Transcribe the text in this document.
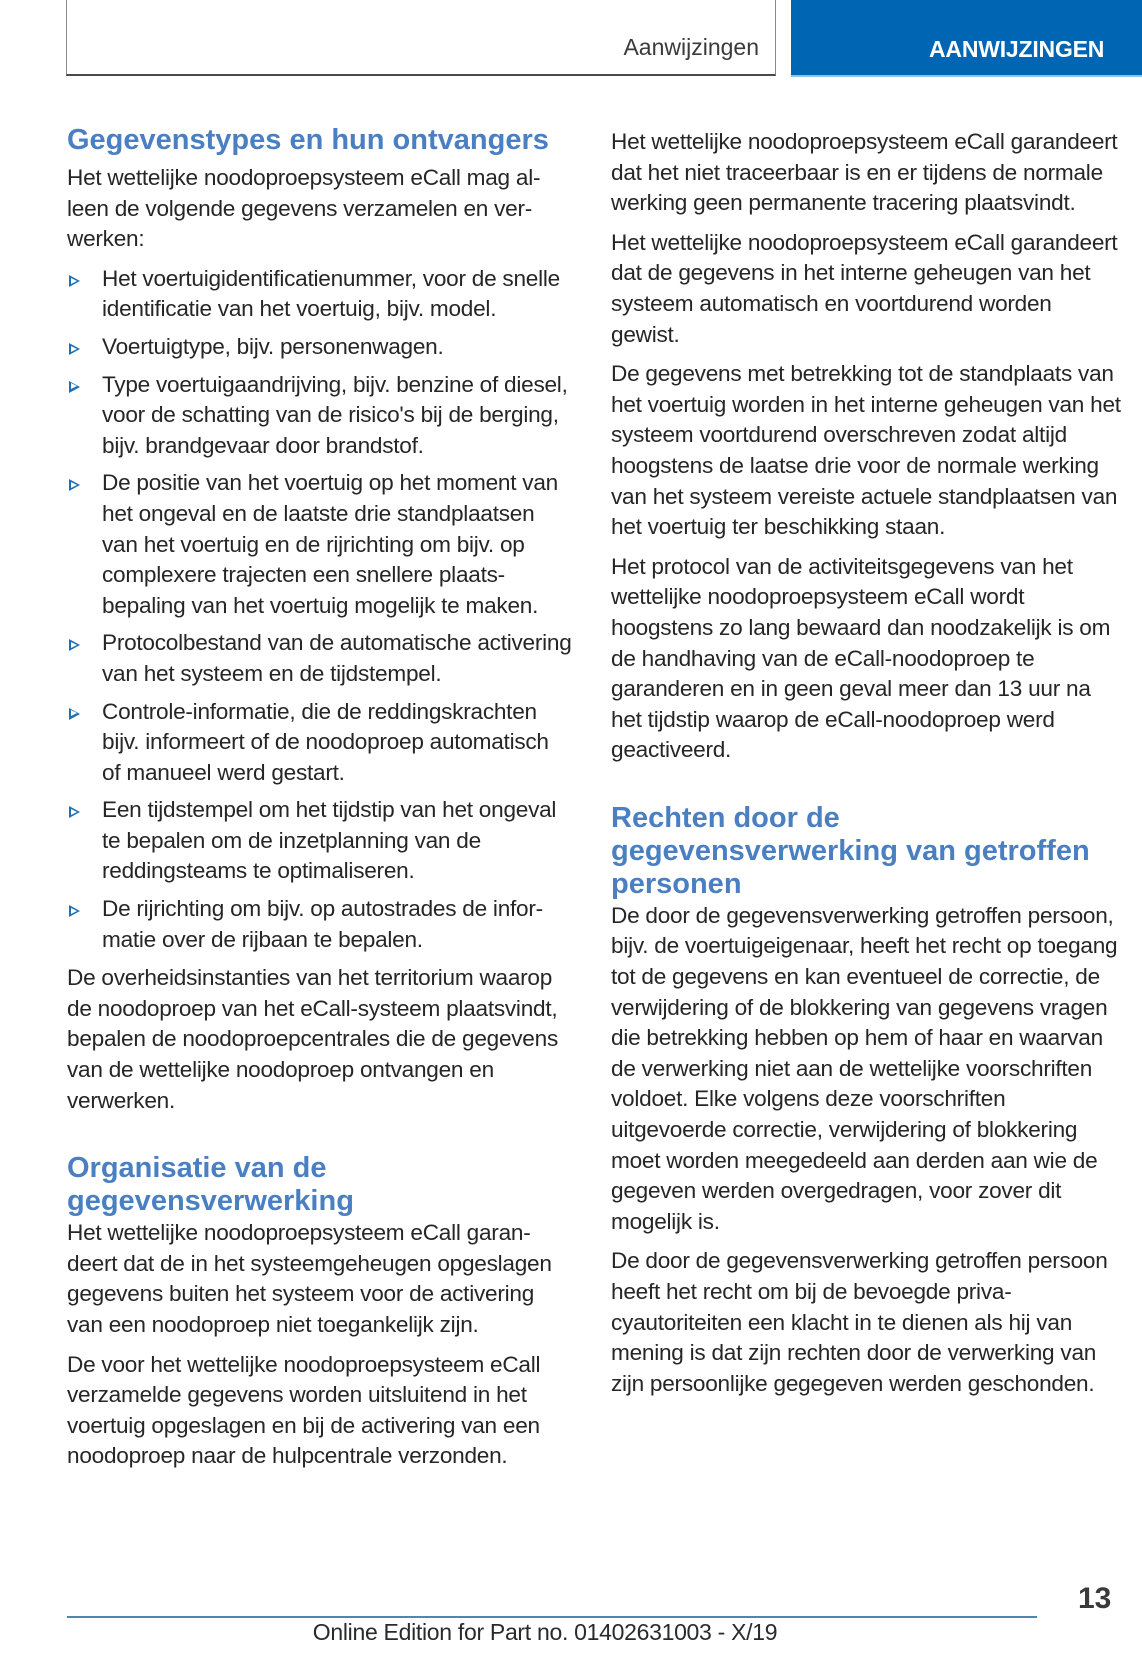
Aanwijzingen	AANWIJZINGEN
Gegevenstypes en hun ontvangers

Het wettelijke noodoproepsysteem eCall mag alleen de volgende gegevens verzamelen en verwerken:

Het voertuigidentificatienummer, voor de snelle identificatie van het voertuig, bijv. model.
Voertuigtype, bijv. personenwagen.
Type voertuigaandrijving, bijv. benzine of diesel, voor de schatting van de risico's bij de berging, bijv. brandgevaar door brandstof.
De positie van het voertuig op het moment van het ongeval en de laatste drie standplaatsen van het voertuig en de rijrichting om bijv. op complexere trajecten een snellere plaatsbepaling van het voertuig mogelijk te maken.
Protocolbestand van de automatische activering van het systeem en de tijdstempel.
Controle-informatie, die de reddingskrachten bijv. informeert of de noodoproep automatisch of manueel werd gestart.
Een tijdstempel om het tijdstip van het ongeval te bepalen om de inzetplanning van de reddingsteams te optimaliseren.
De rijrichting om bijv. op autostrades de informatie over de rijbaan te bepalen.

De overheidsinstanties van het territorium waarop de noodoproep van het eCall-systeem plaatsvindt, bepalen de noodoproepcentrales die de gegevens van de wettelijke noodoproep ontvangen en verwerken.

Organisatie van de gegevensverwerking

Het wettelijke noodoproepsysteem eCall garandeert dat de in het systeemgeheugen opgeslagen gegevens buiten het systeem voor de activering van een noodoproep niet toegankelijk zijn.

De voor het wettelijke noodoproepsysteem eCall verzamelde gegevens worden uitsluitend in het voertuig opgeslagen en bij de activering van een noodoproep naar de hulpcentrale verzonden.

Het wettelijke noodoproepsysteem eCall garandeert dat het niet traceerbaar is en er tijdens de normale werking geen permanente tracering plaatsvindt.

Het wettelijke noodoproepsysteem eCall garandeert dat de gegevens in het interne geheugen van het systeem automatisch en voortdurend worden gewist.

De gegevens met betrekking tot de standplaats van het voertuig worden in het interne geheugen van het systeem voortdurend overschreven zodat altijd hoogstens de laatse drie voor de normale werking van het systeem vereiste actuele standplaatsen van het voertuig ter beschikking staan.

Het protocol van de activiteitsgegevens van het wettelijke noodoproepsysteem eCall wordt hoogstens zo lang bewaard dan noodzakelijk is om de handhaving van de eCall-noodoproep te garanderen en in geen geval meer dan 13 uur na het tijdstip waarop de eCall-noodoproep werd geactiveerd.

Rechten door de gegevensverwerking van getroffen personen

De door de gegevensverwerking getroffen persoon, bijv. de voertuigeigenaar, heeft het recht op toegang tot de gegevens en kan eventueel de correctie, de verwijdering of de blokkering van gegevens vragen die betrekking hebben op hem of haar en waarvan de verwerking niet aan de wettelijke voorschriften voldoet. Elke volgens deze voorschriften uitgevoerde correctie, verwijdering of blokkering moet worden meegedeeld aan derden aan wie de gegeven werden overgedragen, voor zover dit mogelijk is.

De door de gegevensverwerking getroffen persoon heeft het recht om bij de bevoegde privacyautoriteiten een klacht in te dienen als hij van mening is dat zijn rechten door de verwerking van zijn persoonlijke gegegeven werden geschonden.

13
Online Edition for Part no. 01402631003 - X/19
